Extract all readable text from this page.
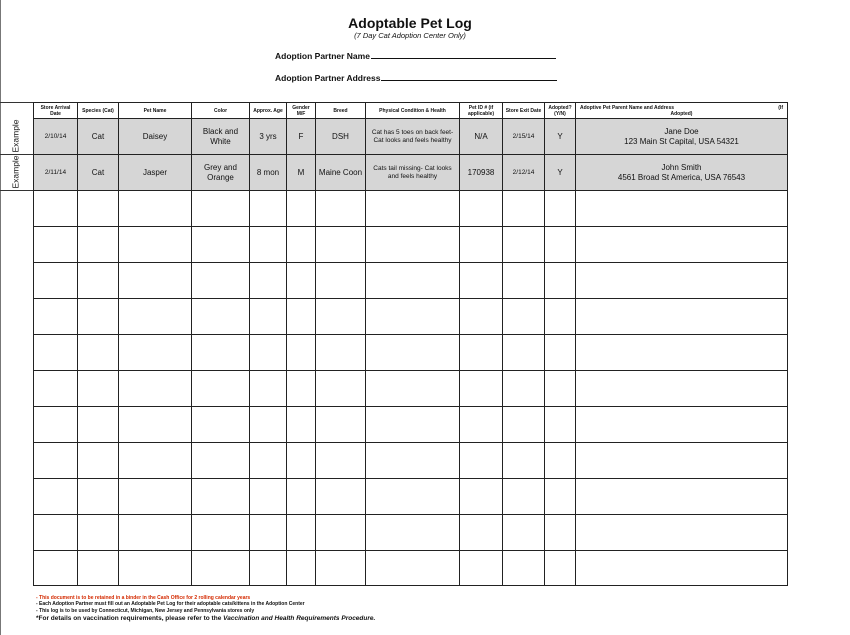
Adoptable Pet Log
(7 Day Cat Adoption Center Only)
Adoption Partner Name
Adoption Partner Address
Example
Example
Store Arrival Date	Species (Cat)	Pet Name	Color	Approx. Age	Gender M/F	Breed	Physical Condition & Health	Pet ID # (if applicable)	Store Exit Date	Adopted? (Y/N)	Adoptive Pet Parent Name and Address (If
Adopted)

2/10/14	Cat	Daisey	Black and White	3 yrs	F	DSH	Cat has 5 toes on back feet- Cat looks and feels healthy	N/A	2/15/14	Y	Jane Doe
123 Main St Capital, USA 54321

2/11/14	Cat	Jasper	Grey and Orange	8 mon	M	Maine Coon	Cats tail missing- Cat looks and feels healthy	170938	2/12/14	Y	John Smith
4561 Broad St America, USA 76543

- This document is to be retained in a binder in the Cash Office for 2 rolling calendar years
- Each Adoption Partner must fill out an Adoptable Pet Log for their adoptable cats/kittens in the Adoption Center
- This log is to be used by Connecticut, Michigan, New Jersey and Pennsylvania stores only
*For details on vaccination requirements, please refer to the Vaccination and Health Requirements Procedure.
